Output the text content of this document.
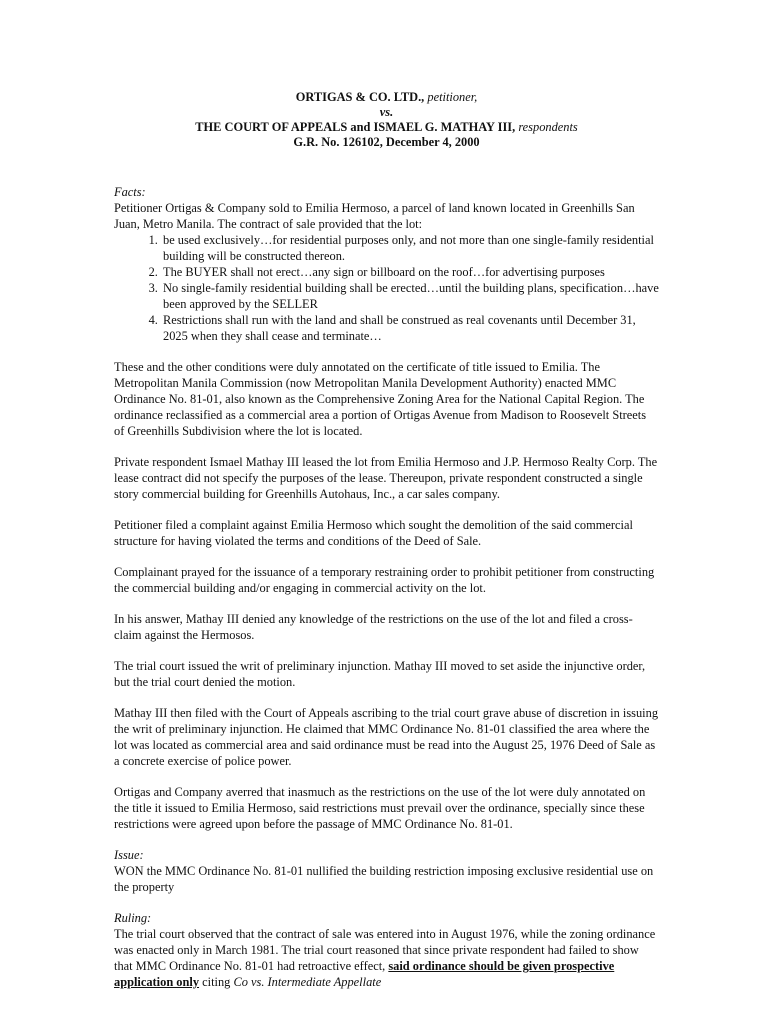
ORTIGAS & CO. LTD., petitioner,
vs.
THE COURT OF APPEALS and ISMAEL G. MATHAY III, respondents
G.R. No. 126102, December 4, 2000
Facts:

Petitioner Ortigas & Company sold to Emilia Hermoso, a parcel of land known located in Greenhills San Juan, Metro Manila. The contract of sale provided that the lot:

1. be used exclusively…for residential purposes only, and not more than one single-family residential building will be constructed thereon.
2. The BUYER shall not erect…any sign or billboard on the roof…for advertising purposes
3. No single-family residential building shall be erected…until the building plans, specification…have been approved by the SELLER
4. Restrictions shall run with the land and shall be construed as real covenants until December 31, 2025 when they shall cease and terminate…

These and the other conditions were duly annotated on the certificate of title issued to Emilia. The Metropolitan Manila Commission (now Metropolitan Manila Development Authority) enacted MMC Ordinance No. 81-01, also known as the Comprehensive Zoning Area for the National Capital Region. The ordinance reclassified as a commercial area a portion of Ortigas Avenue from Madison to Roosevelt Streets of Greenhills Subdivision where the lot is located.

Private respondent Ismael Mathay III leased the lot from Emilia Hermoso and J.P. Hermoso Realty Corp. The lease contract did not specify the purposes of the lease. Thereupon, private respondent constructed a single story commercial building for Greenhills Autohaus, Inc., a car sales company.

Petitioner filed a complaint against Emilia Hermoso which sought the demolition of the said commercial structure for having violated the terms and conditions of the Deed of Sale.

Complainant prayed for the issuance of a temporary restraining order to prohibit petitioner from constructing the commercial building and/or engaging in commercial activity on the lot.

In his answer, Mathay III denied any knowledge of the restrictions on the use of the lot and filed a cross-claim against the Hermosos.

The trial court issued the writ of preliminary injunction. Mathay III moved to set aside the injunctive order, but the trial court denied the motion.

Mathay III then filed with the Court of Appeals ascribing to the trial court grave abuse of discretion in issuing the writ of preliminary injunction. He claimed that MMC Ordinance No. 81-01 classified the area where the lot was located as commercial area and said ordinance must be read into the August 25, 1976 Deed of Sale as a concrete exercise of police power.

Ortigas and Company averred that inasmuch as the restrictions on the use of the lot were duly annotated on the title it issued to Emilia Hermoso, said restrictions must prevail over the ordinance, specially since these restrictions were agreed upon before the passage of MMC Ordinance No. 81-01.

Issue:

WON the MMC Ordinance No. 81-01 nullified the building restriction imposing exclusive residential use on the property

Ruling:

The trial court observed that the contract of sale was entered into in August 1976, while the zoning ordinance was enacted only in March 1981. The trial court reasoned that since private respondent had failed to show that MMC Ordinance No. 81-01 had retroactive effect, said ordinance should be given prospective application only citing Co vs. Intermediate Appellate
